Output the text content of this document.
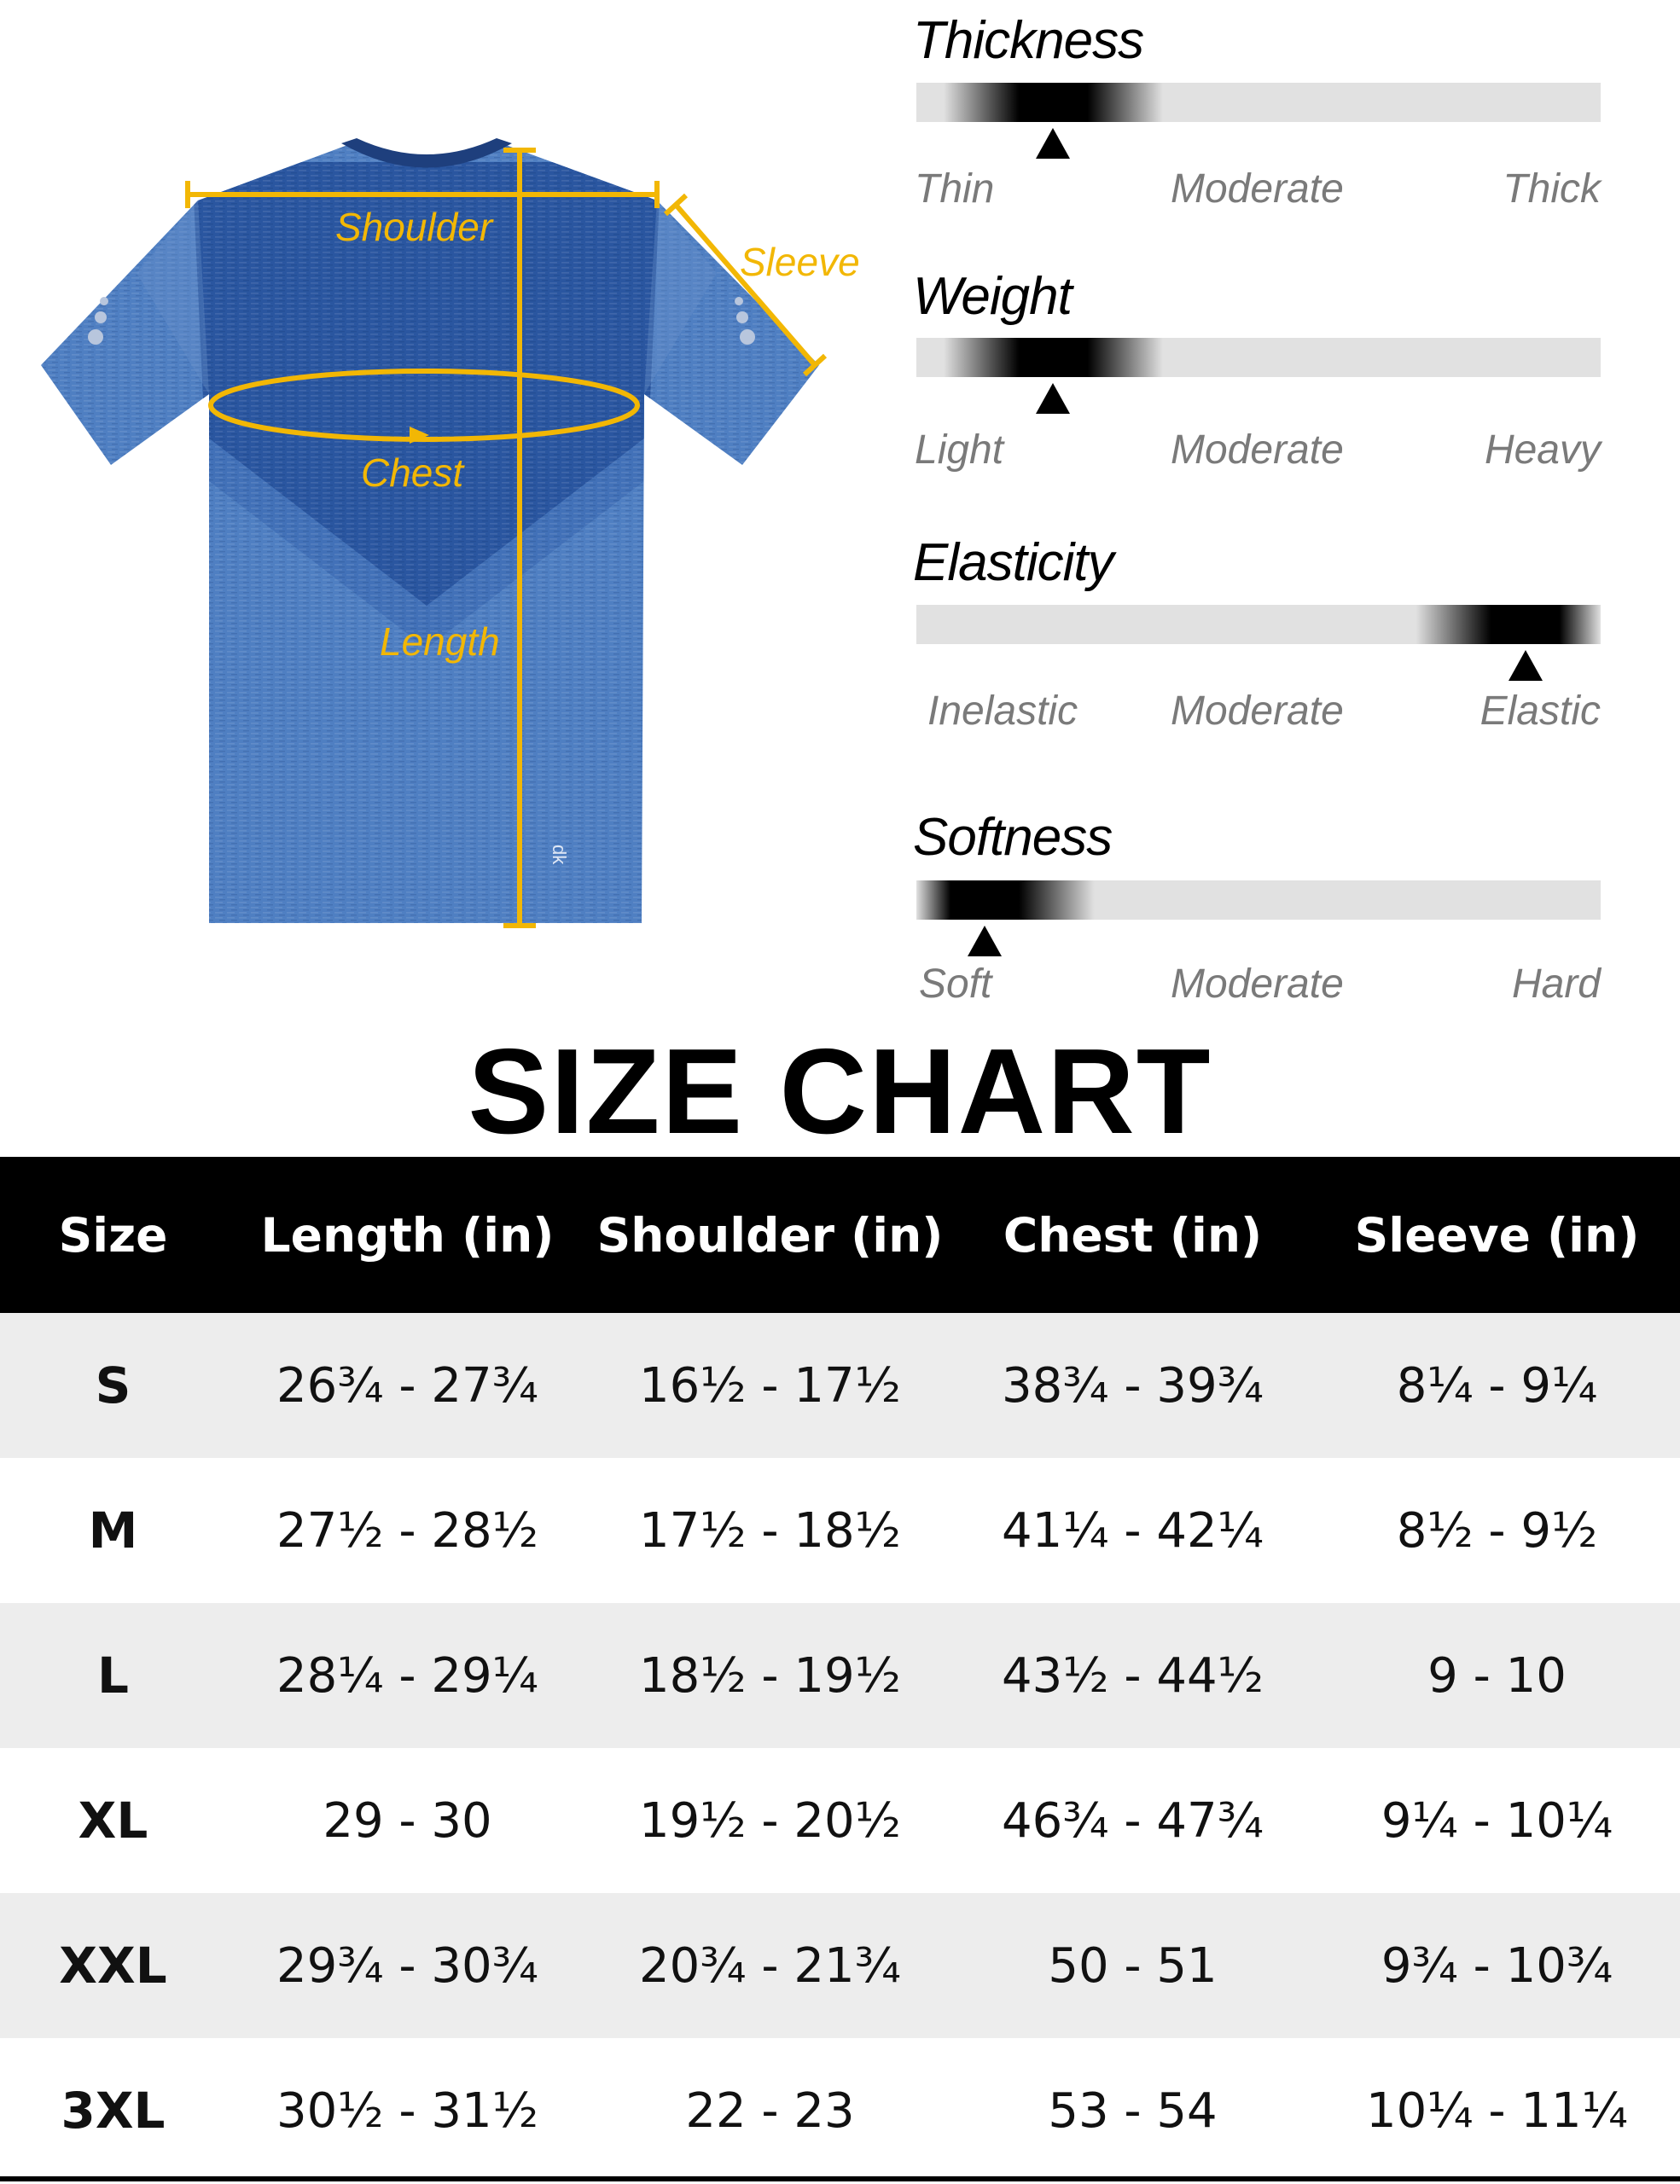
dk
Shoulder
Sleeve
Chest
Length
Thickness
Thin	Moderate	Thick
Weight
Light	Moderate	Heavy
Elasticity
Inelastic Moderate	Elastic
Softness
Soft	Moderate	Hard
SIZE CHART
Size	Length (in)	Shoulder (in)	Chest (in)	Sleeve (in)
S	26¾ - 27¾	16½ - 17½	38¾ - 39¾	8¼ - 9¼
M	27½ - 28½	17½ - 18½	41¼ - 42¼	8½ - 9½
L	28¼ - 29¼	18½ - 19½	43½ - 44½	9 - 10
XL	29 - 30	19½ - 20½	46¾ - 47¾	9¼ - 10¼
XXL	29¾ - 30¾	20¾ - 21¾	50 - 51	9¾ - 10¾
3XL	30½ - 31½	22 - 23	53 - 54	10¼ - 11¼
